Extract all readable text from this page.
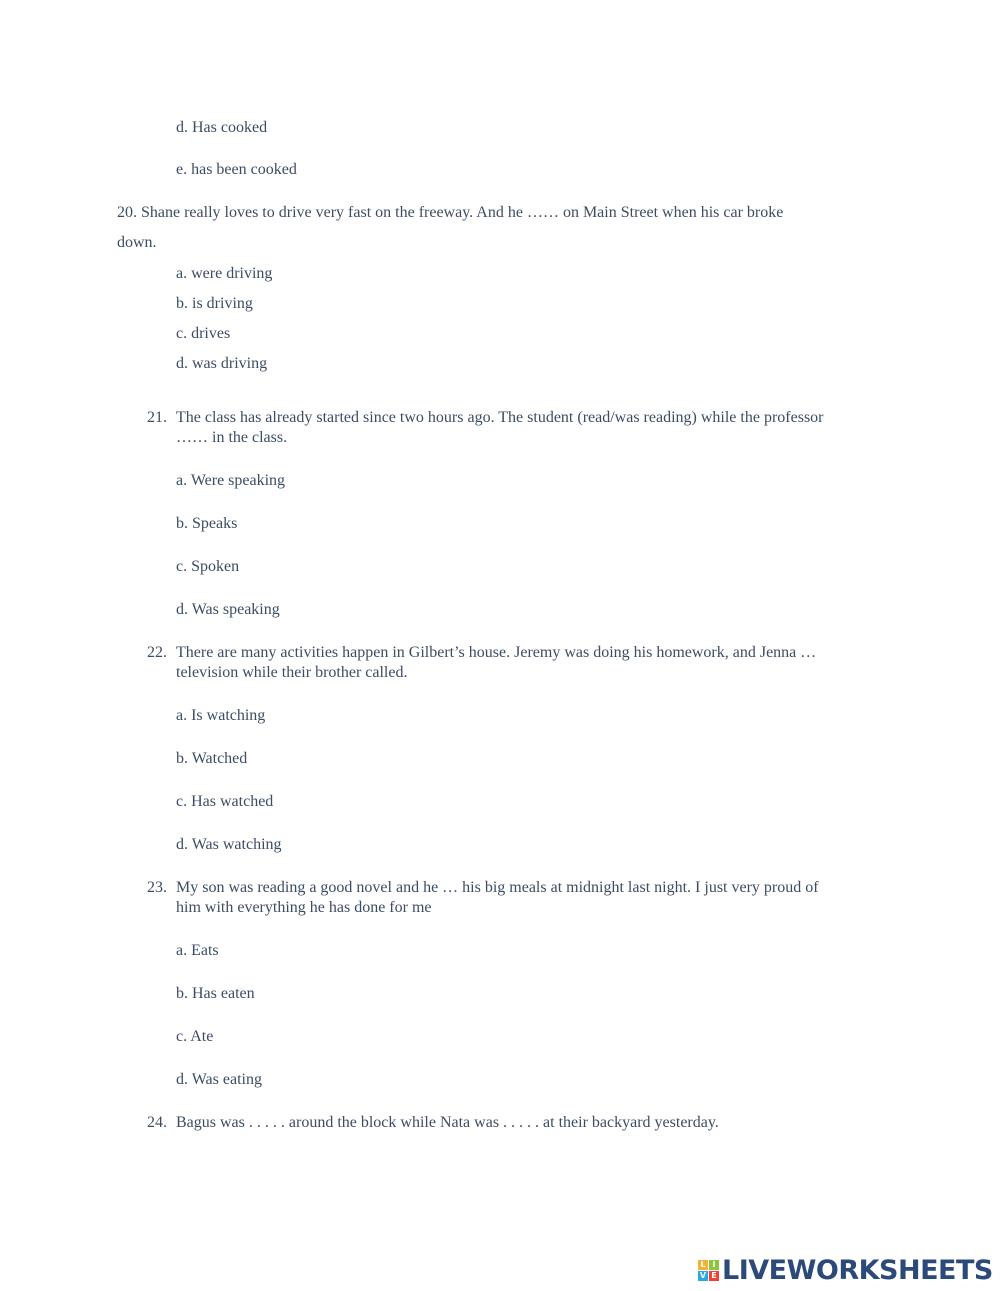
d. Has cooked
e. has been cooked
20. Shane really loves to drive very fast on the freeway. And he …… on Main Street when his car broke
down.
a. were driving
b. is driving
c. drives
d. was driving
21. The class has already started since two hours ago. The student (read/was reading) while the professor
…… in the class.
a. Were speaking
b. Speaks
c. Spoken
d. Was speaking
22. There are many activities happen in Gilbert’s house. Jeremy was doing his homework, and Jenna …
television while their brother called.
a. Is watching
b. Watched
c. Has watched
d. Was watching
23. My son was reading a good novel and he … his big meals at midnight last night. I just very proud of
him with everything he has done for me
a. Eats
b. Has eaten
c. Ate
d. Was eating
24. Bagus was . . . . . around the block while Nata was . . . . . at their backyard yesterday.
L I
V E LIVEWORKSHEETS
